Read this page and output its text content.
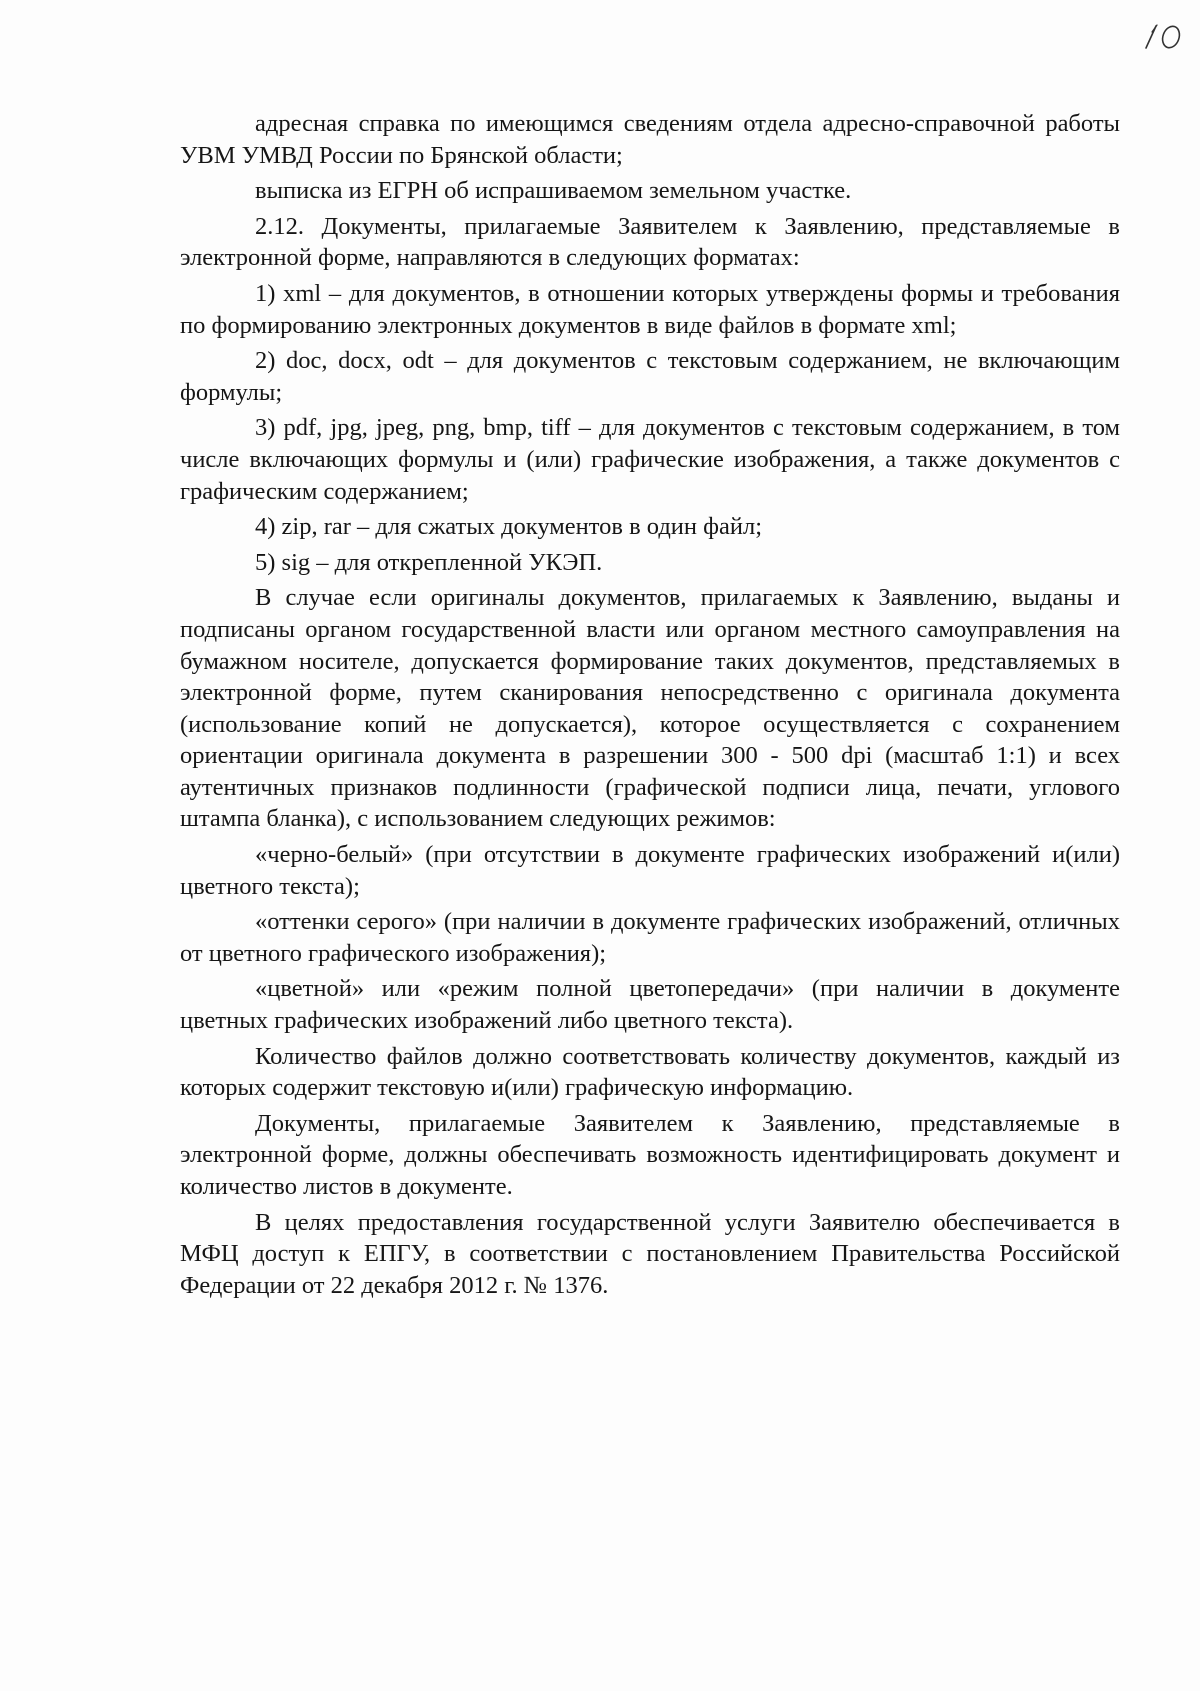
адресная справка по имеющимся сведениям отдела адресно-справочной работы УВМ УМВД России по Брянской области;

выписка из ЕГРН об испрашиваемом земельном участке.

2.12. Документы, прилагаемые Заявителем к Заявлению, представляемые в электронной форме, направляются в следующих форматах:

1) xml – для документов, в отношении которых утверждены формы и требования по формированию электронных документов в виде файлов в формате xml;

2) doc, docx, odt – для документов с текстовым содержанием, не включающим формулы;

3) pdf, jpg, jpeg, png, bmp, tiff – для документов с текстовым содержанием, в том числе включающих формулы и (или) графические изображения, а также документов с графическим содержанием;

4) zip, rar – для сжатых документов в один файл;

5) sig – для открепленной УКЭП.

В случае если оригиналы документов, прилагаемых к Заявлению, выданы и подписаны органом государственной власти или органом местного самоуправления на бумажном носителе, допускается формирование таких документов, представляемых в электронной форме, путем сканирования непосредственно с оригинала документа (использование копий не допускается), которое осуществляется с сохранением ориентации оригинала документа в разрешении 300 - 500 dpi (масштаб 1:1) и всех аутентичных признаков подлинности (графической подписи лица, печати, углового штампа бланка), с использованием следующих режимов:

«черно-белый» (при отсутствии в документе графических изображений и(или) цветного текста);

«оттенки серого» (при наличии в документе графических изображений, отличных от цветного графического изображения);

«цветной» или «режим полной цветопередачи» (при наличии в документе цветных графических изображений либо цветного текста).

Количество файлов должно соответствовать количеству документов, каждый из которых содержит текстовую и(или) графическую информацию.

Документы, прилагаемые Заявителем к Заявлению, представляемые в электронной форме, должны обеспечивать возможность идентифицировать документ и количество листов в документе.

В целях предоставления государственной услуги Заявителю обеспечивается в МФЦ доступ к ЕПГУ, в соответствии с постановлением Правительства Российской Федерации от 22 декабря 2012 г. № 1376.
